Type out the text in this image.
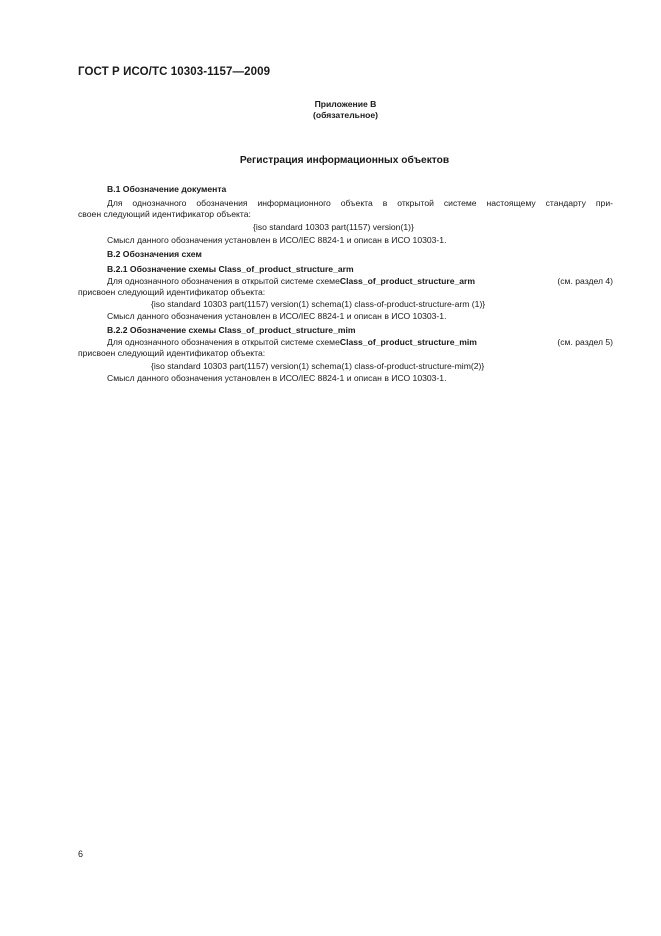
ГОСТ Р ИСО/ТС 10303-1157—2009
Приложение В
(обязательное)
Регистрация информационных объектов
В.1 Обозначение документа
Для однозначного обозначения информационного объекта в открытой системе настоящему стандарту при-
своен следующий идентификатор объекта:
{iso standard 10303 part(1157) version(1)}
Смысл данного обозначения установлен в ИСО/IEC 8824-1 и описан в ИСО 10303-1.
В.2 Обозначения схем
В.2.1 Обозначение схемы Class_of_product_structure_arm
Для однозначного обозначения в открытой системе схеме Class_of_product_structure_arm	(см. раздел 4)
присвоен следующий идентификатор объекта:
{iso standard 10303 part(1157) version(1) schema(1) class-of-product-structure-arm (1)}
Смысл данного обозначения установлен в ИСО/IEC 8824-1 и описан в ИСО 10303-1.
В.2.2 Обозначение схемы Class_of_product_structure_mim
Для однозначного обозначения в открытой системе схеме Class_of_product_structure_mim	(см. раздел 5)
присвоен следующий идентификатор объекта:
{iso standard 10303 part(1157) version(1) schema(1) class-of-product-structure-mim(2)}
Смысл данного обозначения установлен в ИСО/IEC 8824-1 и описан в ИСО 10303-1.
6
